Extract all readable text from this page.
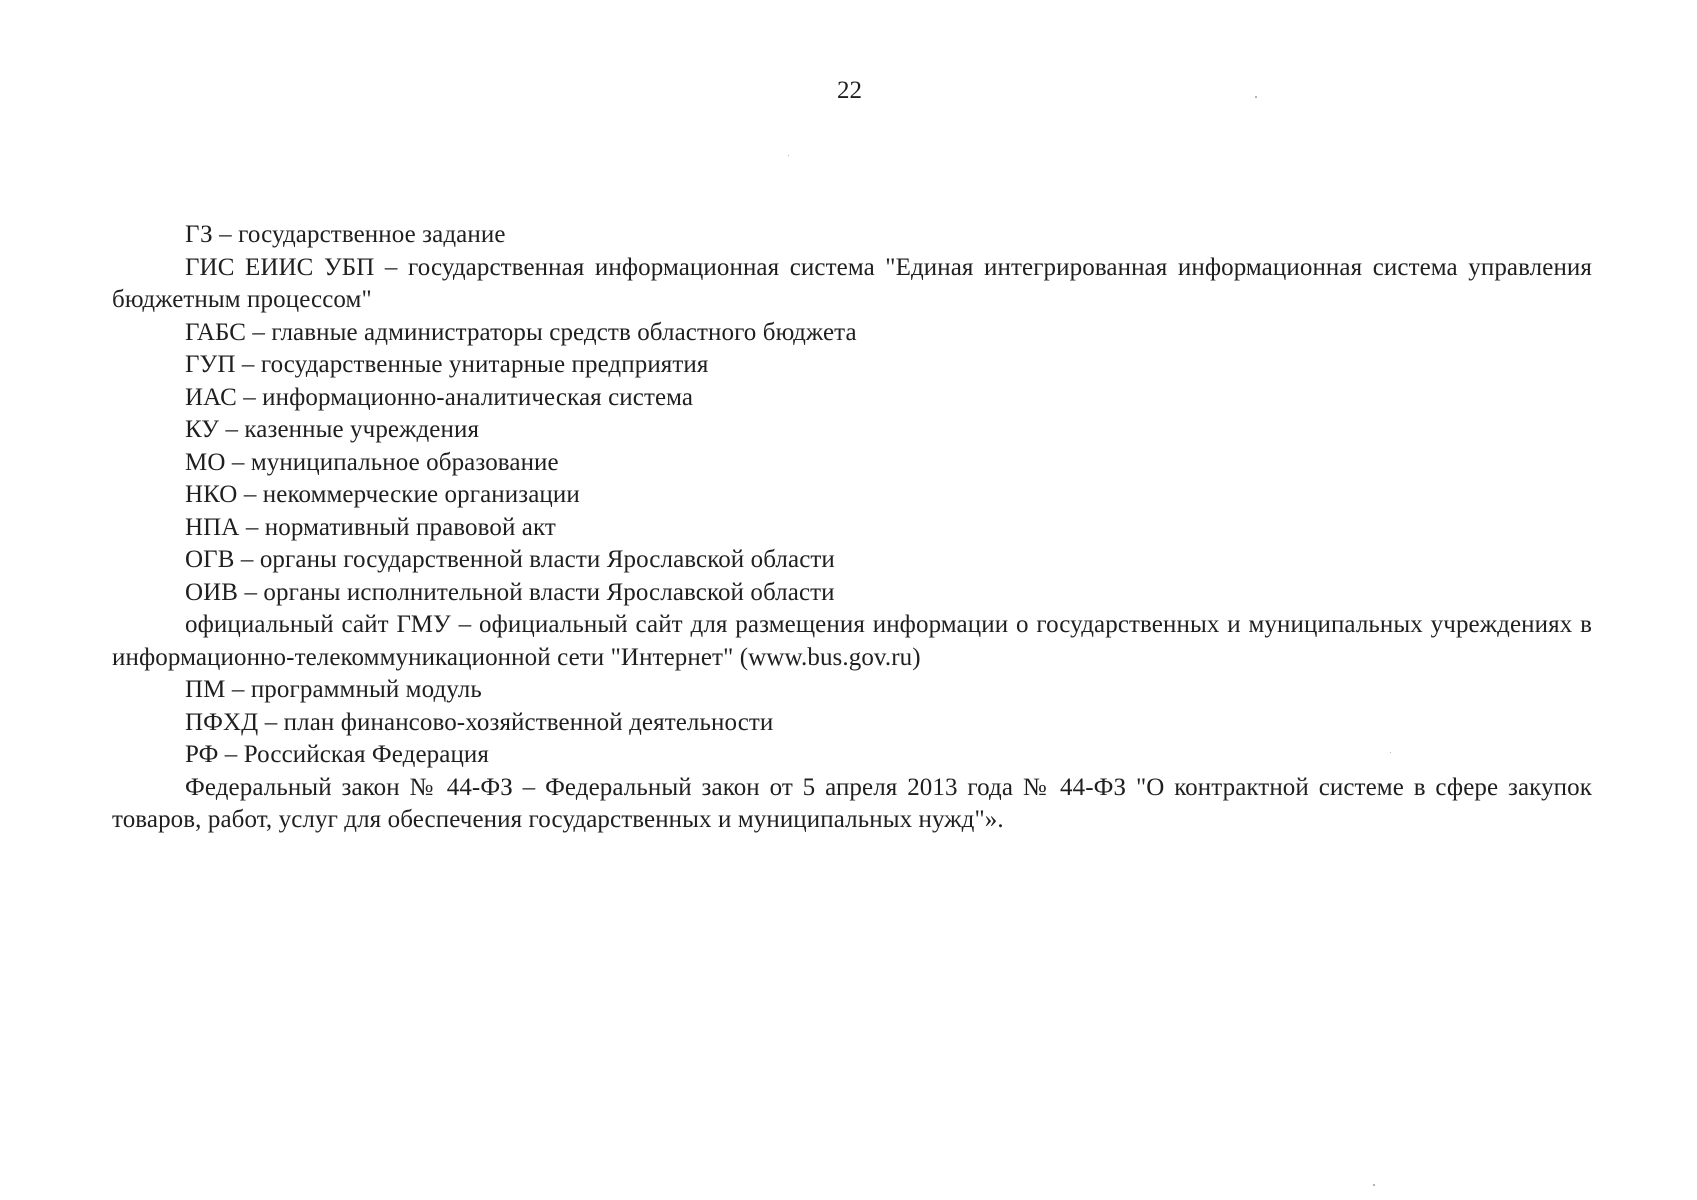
22

ГЗ – государственное задание

ГИС ЕИИС УБП – государственная информационная система "Единая интегрированная информационная система управления бюджетным процессом"

ГАБС – главные администраторы средств областного бюджета

ГУП – государственные унитарные предприятия

ИАС – информационно-аналитическая система

КУ – казенные учреждения

МО – муниципальное образование

НКО – некоммерческие организации

НПА – нормативный правовой акт

ОГВ – органы государственной власти Ярославской области

ОИВ – органы исполнительной власти Ярославской области

официальный сайт ГМУ – официальный сайт для размещения информации о государственных и муниципальных учреждениях в информационно-телекоммуникационной сети "Интернет" (www.bus.gov.ru)

ПМ – программный модуль

ПФХД – план финансово-хозяйственной деятельности

РФ – Российская Федерация

Федеральный закон № 44-ФЗ – Федеральный закон от 5 апреля 2013 года № 44-ФЗ "О контрактной системе в сфере закупок товаров, работ, услуг для обеспечения государственных и муниципальных нужд"».
